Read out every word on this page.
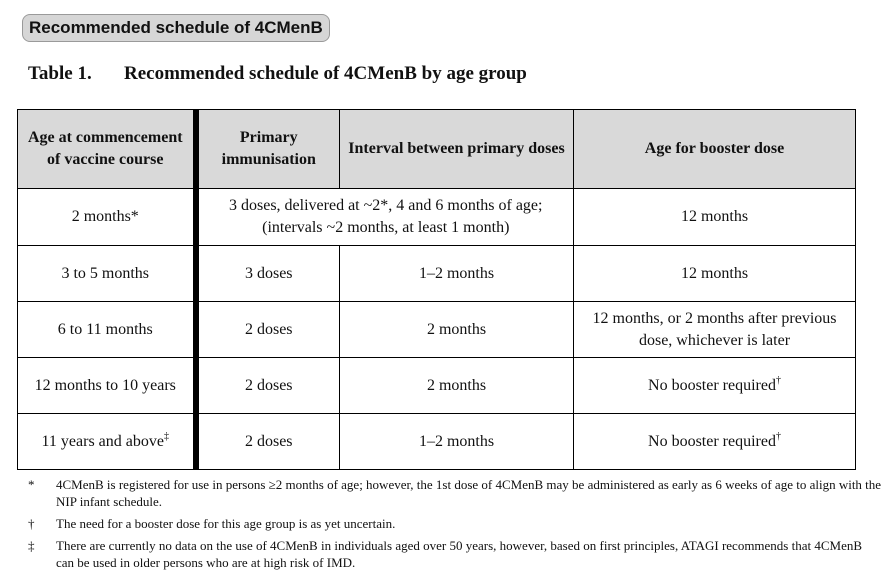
Recommended schedule of 4CMenB
Table 1. Recommended schedule of 4CMenB by age group
Age at commencement of vaccine course	Primary immunisation	Interval between primary doses	Age for booster dose
2 months*	3 doses, delivered at ~2*, 4 and 6 months of age; (intervals ~2 months, at least 1 month)		12 months
3 to 5 months	3 doses	1–2 months	12 months
6 to 11 months	2 doses	2 months	12 months, or 2 months after previous dose, whichever is later
12 months to 10 years	2 doses	2 months	No booster required†
11 years and above‡	2 doses	1–2 months	No booster required†
*	4CMenB is registered for use in persons ≥2 months of age; however, the 1st dose of 4CMenB may be administered as early as 6 weeks of age to align with the NIP infant schedule.
†	The need for a booster dose for this age group is as yet uncertain.
‡	There are currently no data on the use of 4CMenB in individuals aged over 50 years, however, based on first principles, ATAGI recommends that 4CMenB can be used in older persons who are at high risk of IMD.
